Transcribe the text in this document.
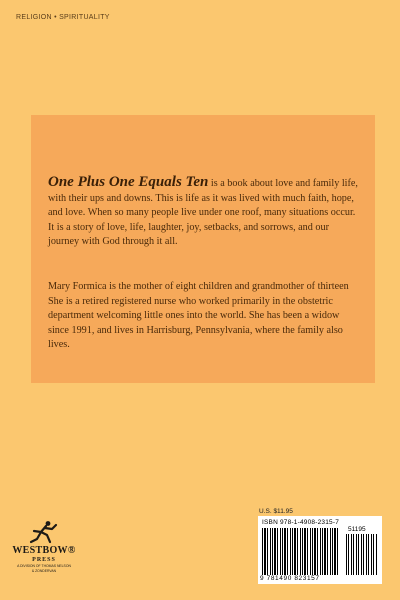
RELIGION • SPIRITUALITY

One Plus One Equals Ten is a book about love and family life, with their ups and downs. This is life as it was lived with much faith, hope, and love. When so many people live under one roof, many situations occur. It is a story of love, life, laughter, joy, setbacks, and sorrows, and our journey with God through it all.

Mary Formica is the mother of eight children and grandmother of thirteen She is a retired registered nurse who worked primarily in the obstetric department welcoming little ones into the world. She has been a widow since 1991, and lives in Harrisburg, Pennsylvania, where the family also lives.

WESTBOW®
PRESS
A DIVISION OF THOMAS NELSON
& ZONDERVAN
U.S. $11.95
ISBN 978-1-4908-2315-7
51195
9 781490 823157
